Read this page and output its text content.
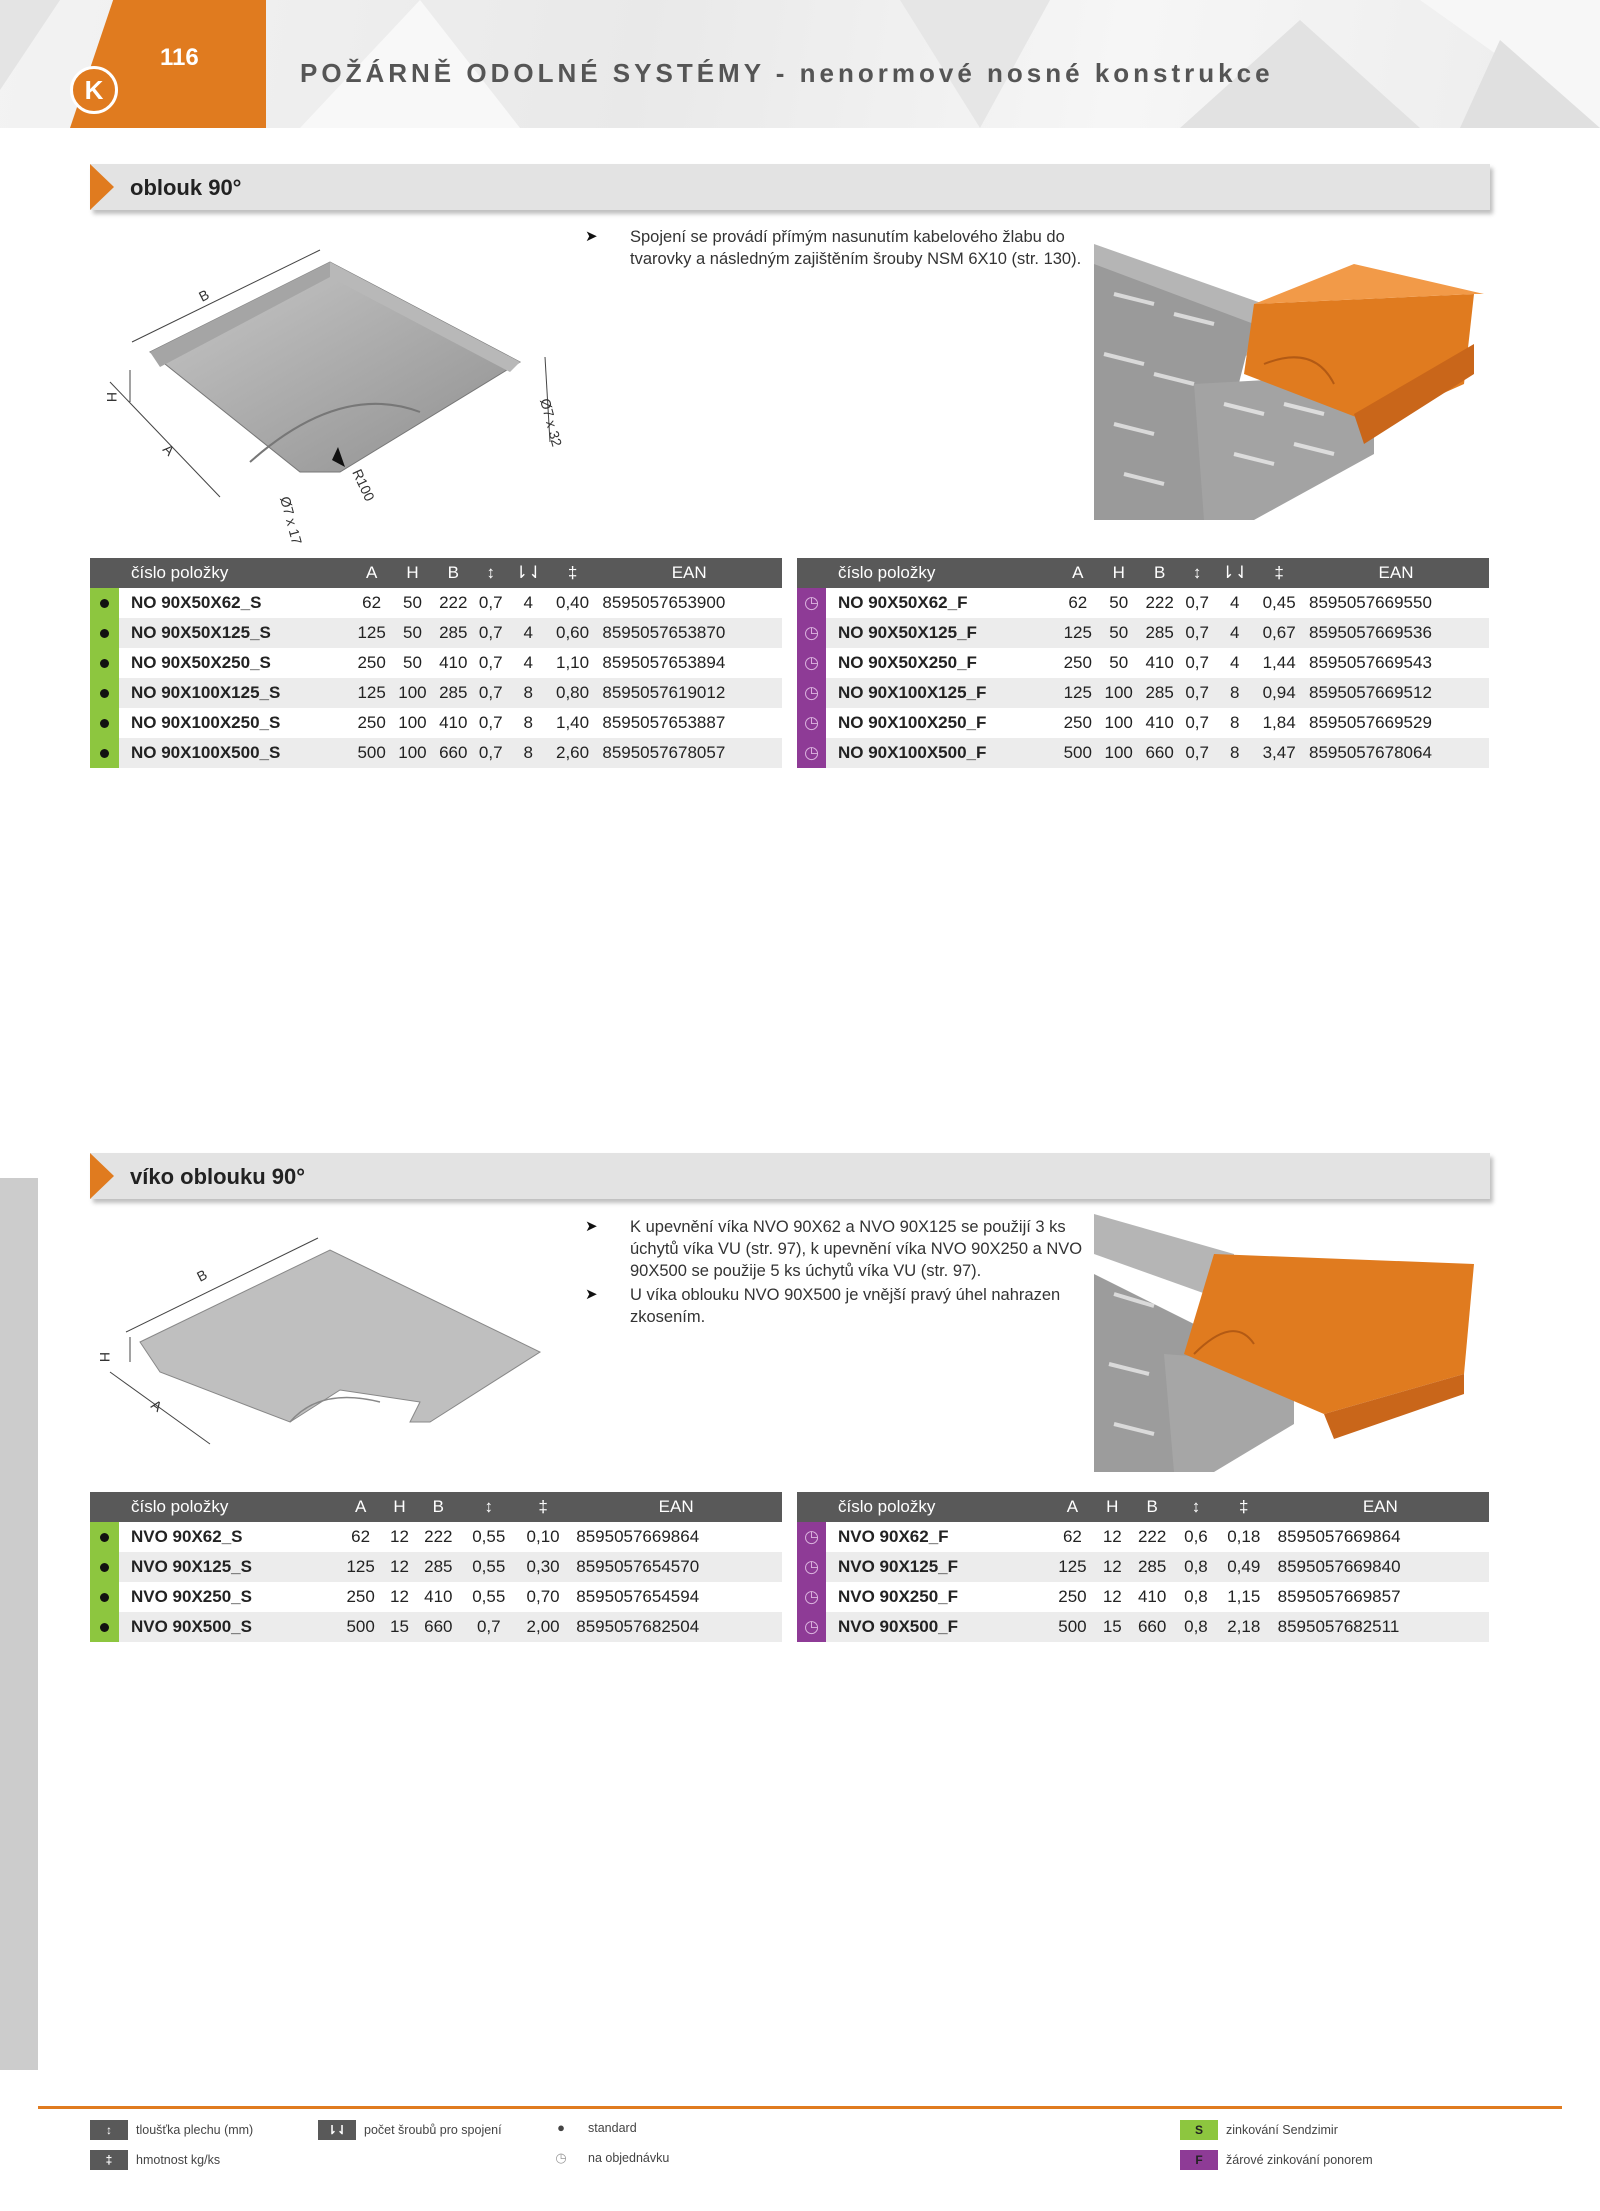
116
K
POŽÁRNĚ ODOLNÉ SYSTÉMY - nenormové nosné konstrukce
oblouk 90°
B
H
A
R100
Ø7 x 32
Ø7 x 17
➤ Spojení se provádí přímým nasunutím kabelového žlabu do tvarovky a následným zajištěním šrouby NSM 6X10 (str. 130).
	číslo položky	A	H	B	↕	⇂⇃	‡	EAN
	NO 90X50X62_S	62	50	222	0,7	4	0,40	8595057653900
	NO 90X50X125_S	125	50	285	0,7	4	0,60	8595057653870
	NO 90X50X250_S	250	50	410	0,7	4	1,10	8595057653894
	NO 90X100X125_S	125	100	285	0,7	8	0,80	8595057619012
	NO 90X100X250_S	250	100	410	0,7	8	1,40	8595057653887
	NO 90X100X500_S	500	100	660	0,7	8	2,60	8595057678057
	číslo položky	A	H	B	↕	⇂⇃	‡	EAN
◷	NO 90X50X62_F	62	50	222	0,7	4	0,45	8595057669550
◷	NO 90X50X125_F	125	50	285	0,7	4	0,67	8595057669536
◷	NO 90X50X250_F	250	50	410	0,7	4	1,44	8595057669543
◷	NO 90X100X125_F	125	100	285	0,7	8	0,94	8595057669512
◷	NO 90X100X250_F	250	100	410	0,7	8	1,84	8595057669529
◷	NO 90X100X500_F	500	100	660	0,7	8	3,47	8595057678064
víko oblouku 90°
B
H
A
➤ K upevnění víka NVO 90X62 a NVO 90X125 se použijí 3 ks úchytů víka VU (str. 97), k upevnění víka NVO 90X250 a NVO 90X500 se použije 5 ks úchytů víka VU (str. 97).
➤ U víka oblouku NVO 90X500 je vnější pravý úhel nahrazen zkosením.
	číslo položky	A	H	B	↕	‡	EAN
	NVO 90X62_S	62	12	222	0,55	0,10	8595057669864
	NVO 90X125_S	125	12	285	0,55	0,30	8595057654570
	NVO 90X250_S	250	12	410	0,55	0,70	8595057654594
	NVO 90X500_S	500	15	660	0,7	2,00	8595057682504
	číslo položky	A	H	B	↕	‡	EAN
◷	NVO 90X62_F	62	12	222	0,6	0,18	8595057669864
◷	NVO 90X125_F	125	12	285	0,8	0,49	8595057669840
◷	NVO 90X250_F	250	12	410	0,8	1,15	8595057669857
◷	NVO 90X500_F	500	15	660	0,8	2,18	8595057682511
↕	tloušťka plechu (mm)
‡	hmotnost kg/ks
⇂⇃	počet šroubů pro spojení	●	standard
◷	na objednávku
S	zinkování Sendzimir
F	žárové zinkování ponorem
